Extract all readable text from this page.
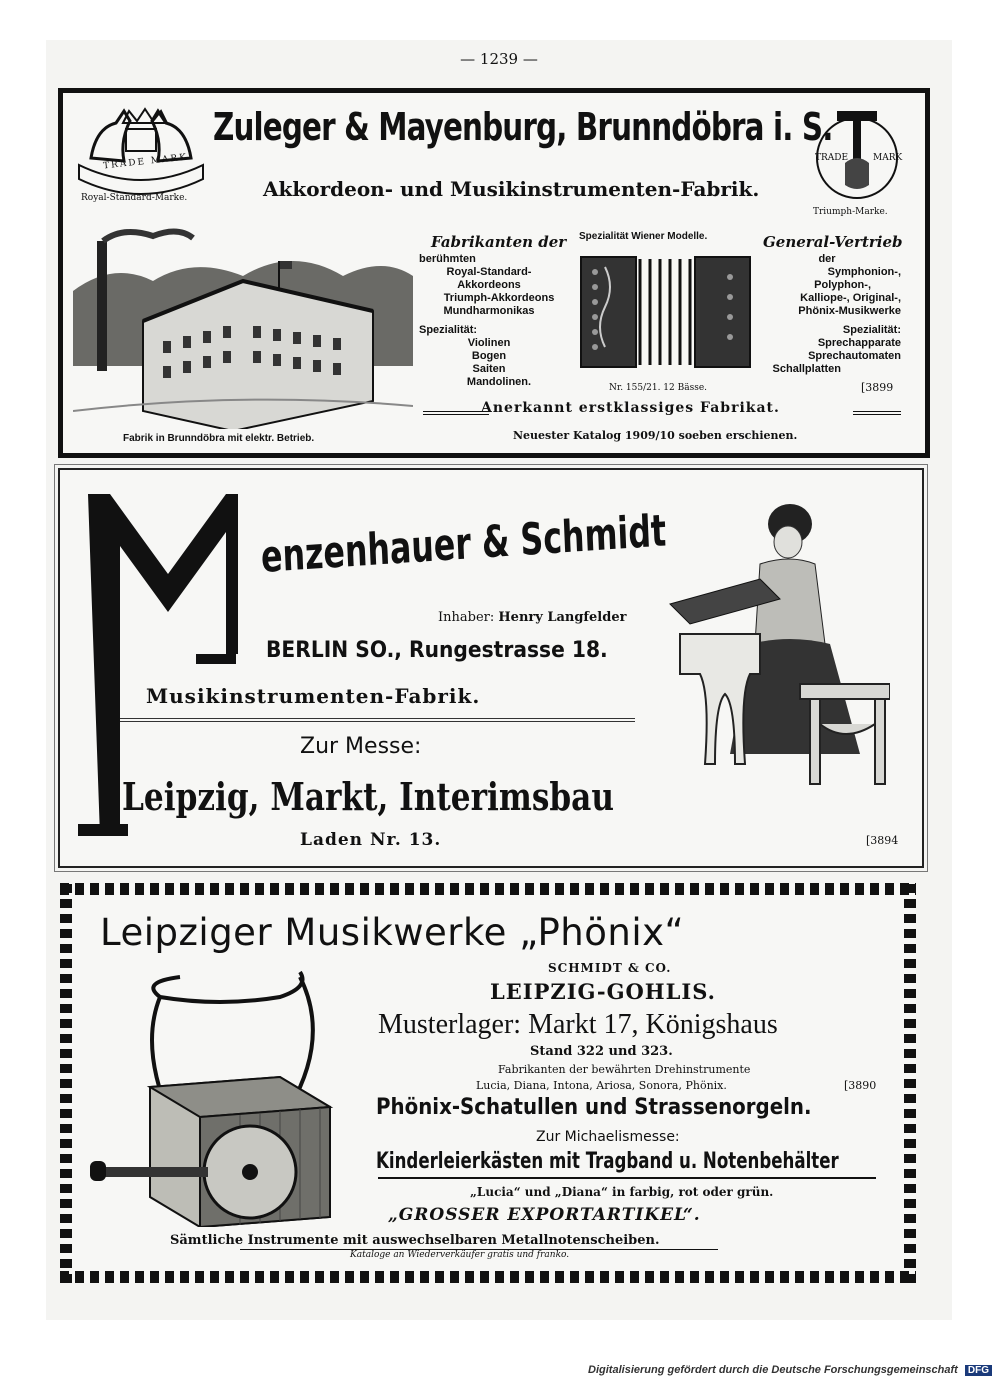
— 1239 —
TRADE MARK
Royal-Standard-Marke.
Zuleger & Mayenburg, Brunndöbra i. S.
Akkordeon- und Musikinstrumenten-Fabrik.
TRADE	MARK
Triumph-Marke.
Fabrik in Brunndöbra mit elektr. Betrieb.
Fabrikanten der
berühmten
Royal-Standard-
Akkordeons
Triumph-Akkordeons
Mundharmonikas
Spezialität:
Violinen
Bogen
Saiten
Mandolinen.
Spezialität Wiener Modelle.
Nr. 155/21. 12 Bässe.
General-Vertrieb
der
Symphonion-,
Polyphon-,
Kalliope-, Original-,
Phönix-Musikwerke
Spezialität:
Sprechapparate
Sprechautomaten
Schallplatten
[3899
Anerkannt erstklassiges Fabrikat.
Neuester Katalog 1909/10 soeben erschienen.
enzenhauer & Schmidt
Inhaber: Henry Langfelder
BERLIN SO., Rungestrasse 18.
Musikinstrumenten-Fabrik.
Zur Messe:
Leipzig, Markt, Interimsbau
Laden Nr. 13.	[3894
Leipziger Musikwerke „Phönix“
SCHMIDT & CO.
LEIPZIG-GOHLIS.
Musterlager: Markt 17, Königshaus
Stand 322 und 323.
Fabrikanten der bewährten Drehinstrumente
Lucia, Diana, Intona, Ariosa, Sonora, Phönix.	[3890
Phönix-Schatullen und Strassenorgeln.
Zur Michaelismesse:
Kinderleierkästen mit Tragband u. Notenbehälter
„Lucia“ und „Diana“ in farbig, rot oder grün.
„GROSSER EXPORTARTIKEL“.
Sämtliche Instrumente mit auswechselbaren Metallnotenscheiben.
Kataloge an Wiederverkäufer gratis und franko.
Digitalisierung gefördert durch die Deutsche Forschungsgemeinschaft DFG
